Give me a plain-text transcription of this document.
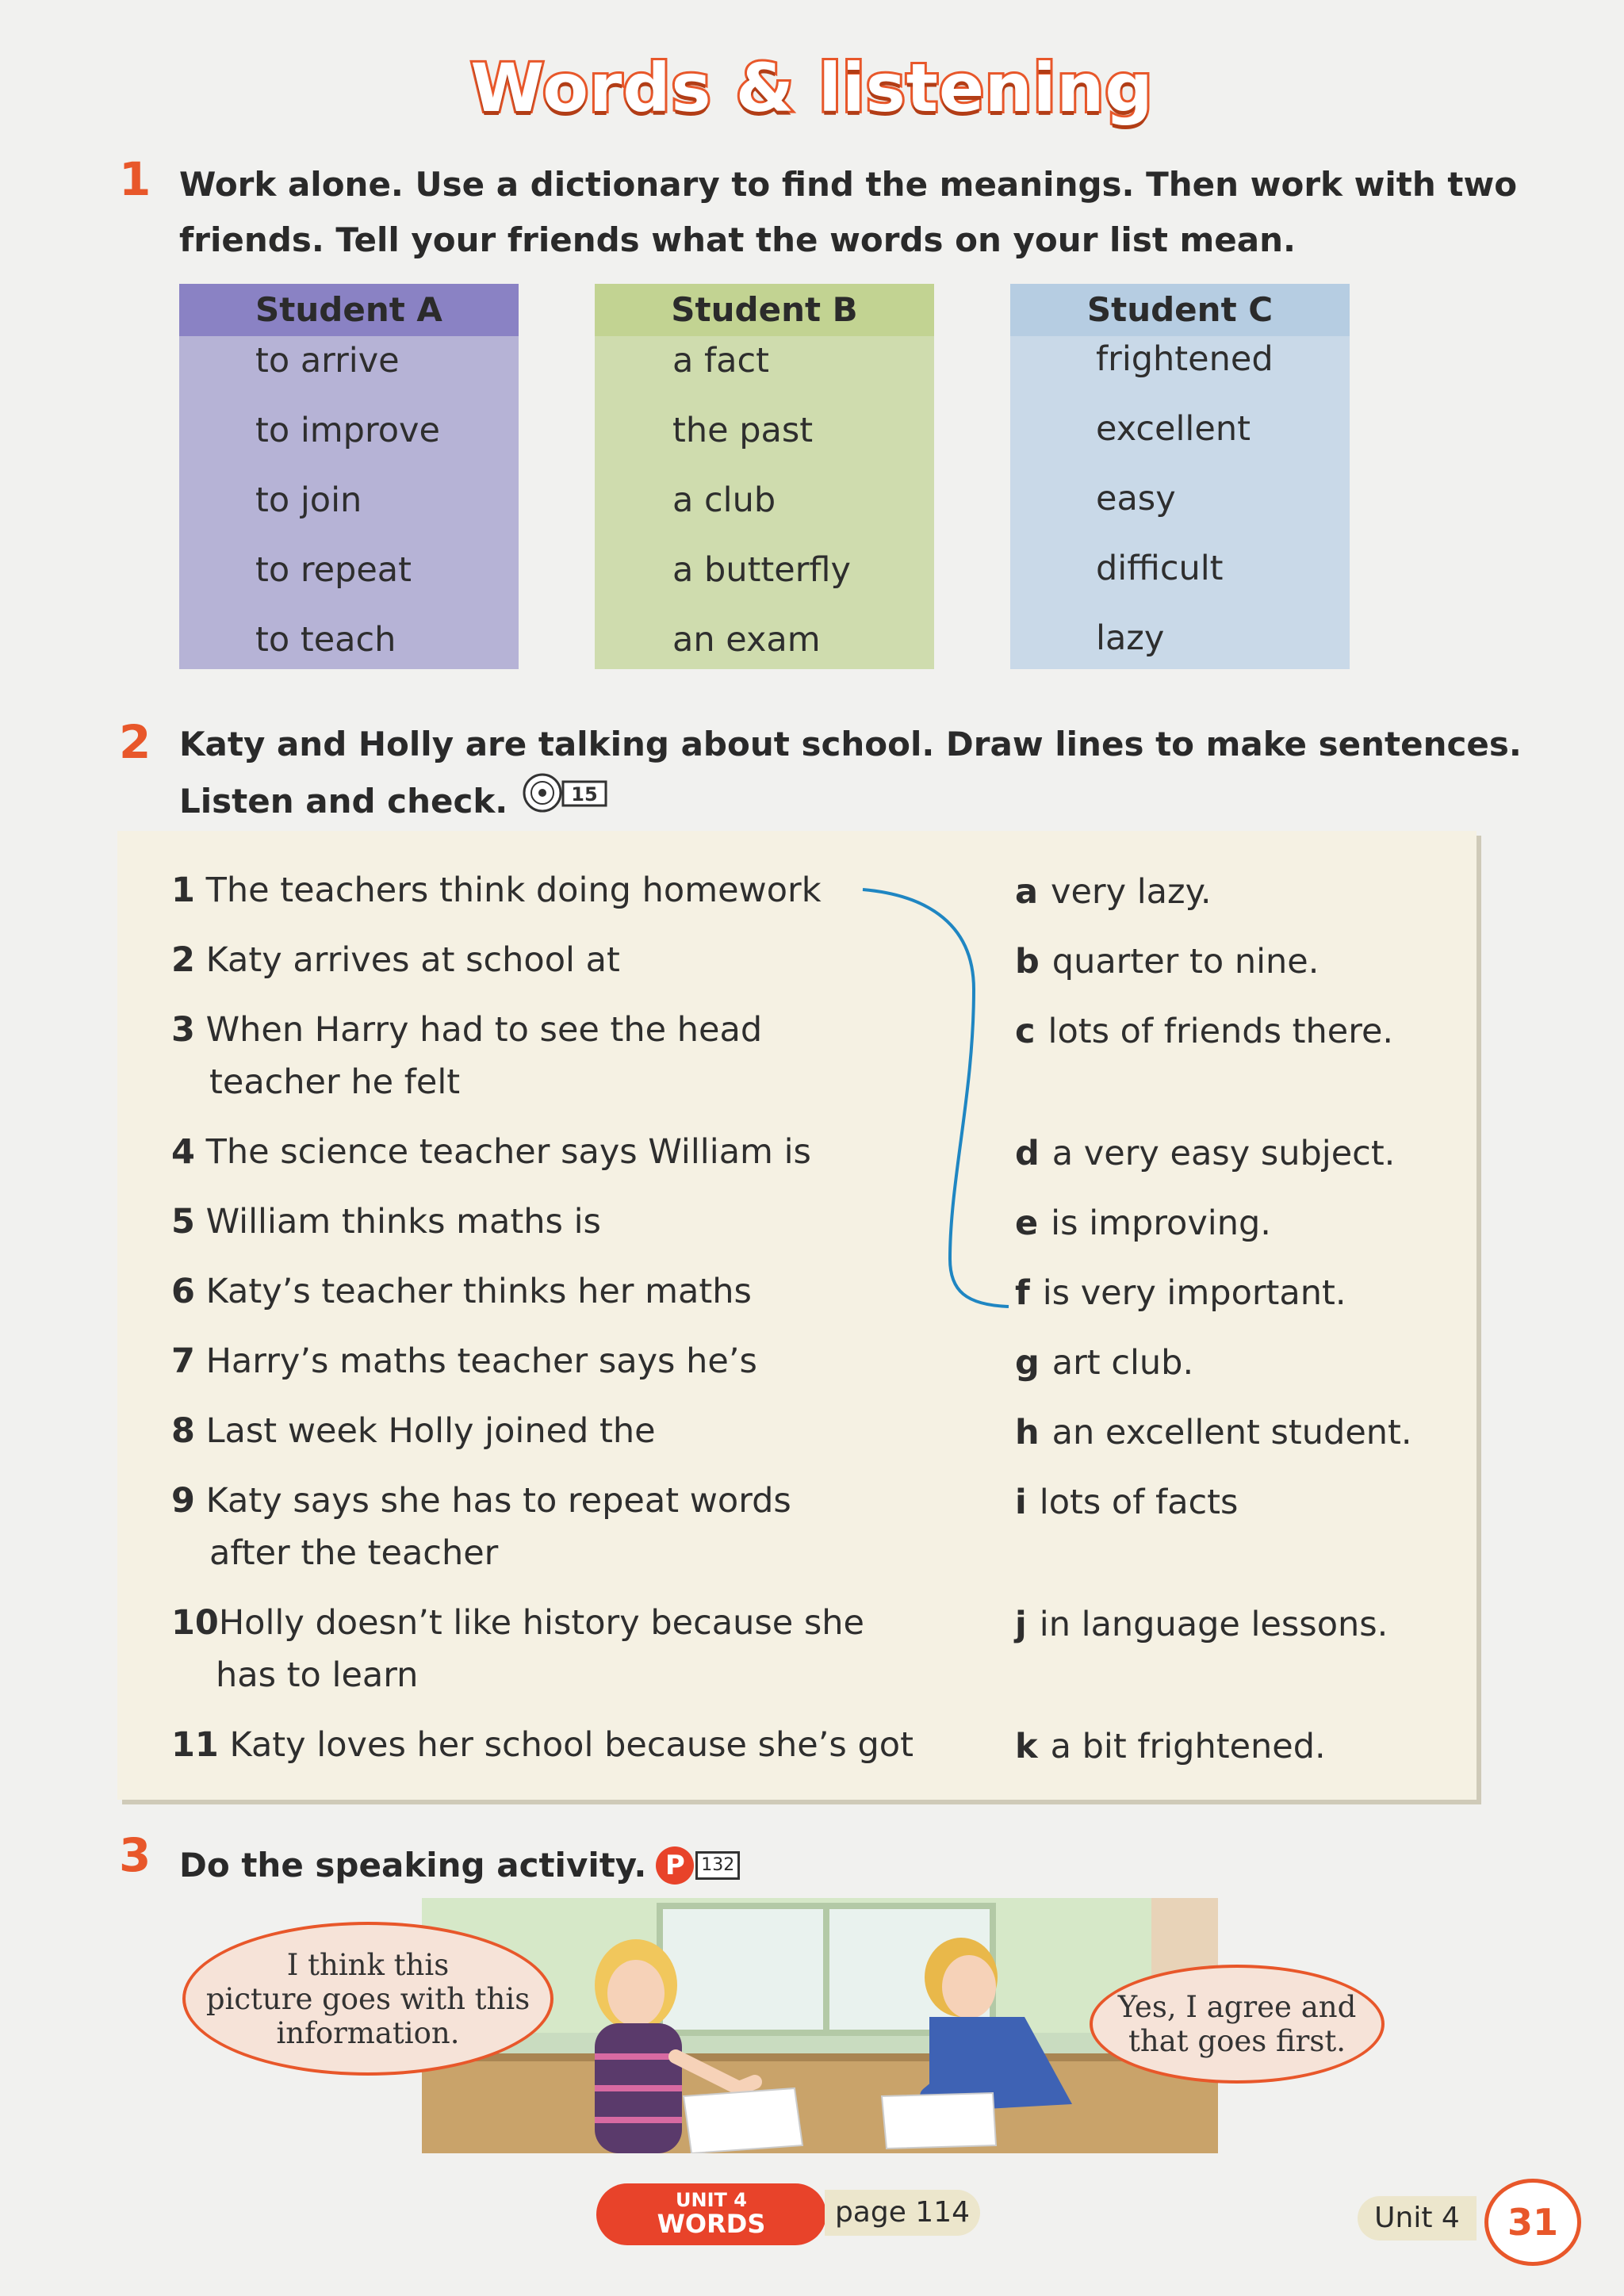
Words & listening
1 Work alone. Use a dictionary to find the meanings. Then work with two
friends. Tell your friends what the words on your list mean.
Student A
to arrive
to improve
to join
to repeat
to teach
Student B
a fact
the past
a club
a butterfly
an exam
Student C
frightened
excellent
easy
difficult
lazy
2 Katy and Holly are talking about school. Draw lines to make sentences.
Listen and check.	15
1 The teachers think doing homework
2 Katy arrives at school at
3 When Harry had to see the head
teacher he felt
4 The science teacher says William is
5 William thinks maths is
6 Katy’s teacher thinks her maths
7 Harry’s maths teacher says he’s
8 Last week Holly joined the
9 Katy says she has to repeat words
after the teacher
10Holly doesn’t like history because she
has to learn
11 Katy loves her school because she’s got
a very lazy.
b quarter to nine.
c lots of friends there.
d a very easy subject.
e is improving.
f is very important.
g art club.
h an excellent student.
i lots of facts
j in language lessons.
k a bit frightened.
3 Do the speaking activity. P 132
I think this
picture goes with this
information.
Yes, I agree and
that goes first.
UNIT 4
WORDS	page 114	Unit 4	31
